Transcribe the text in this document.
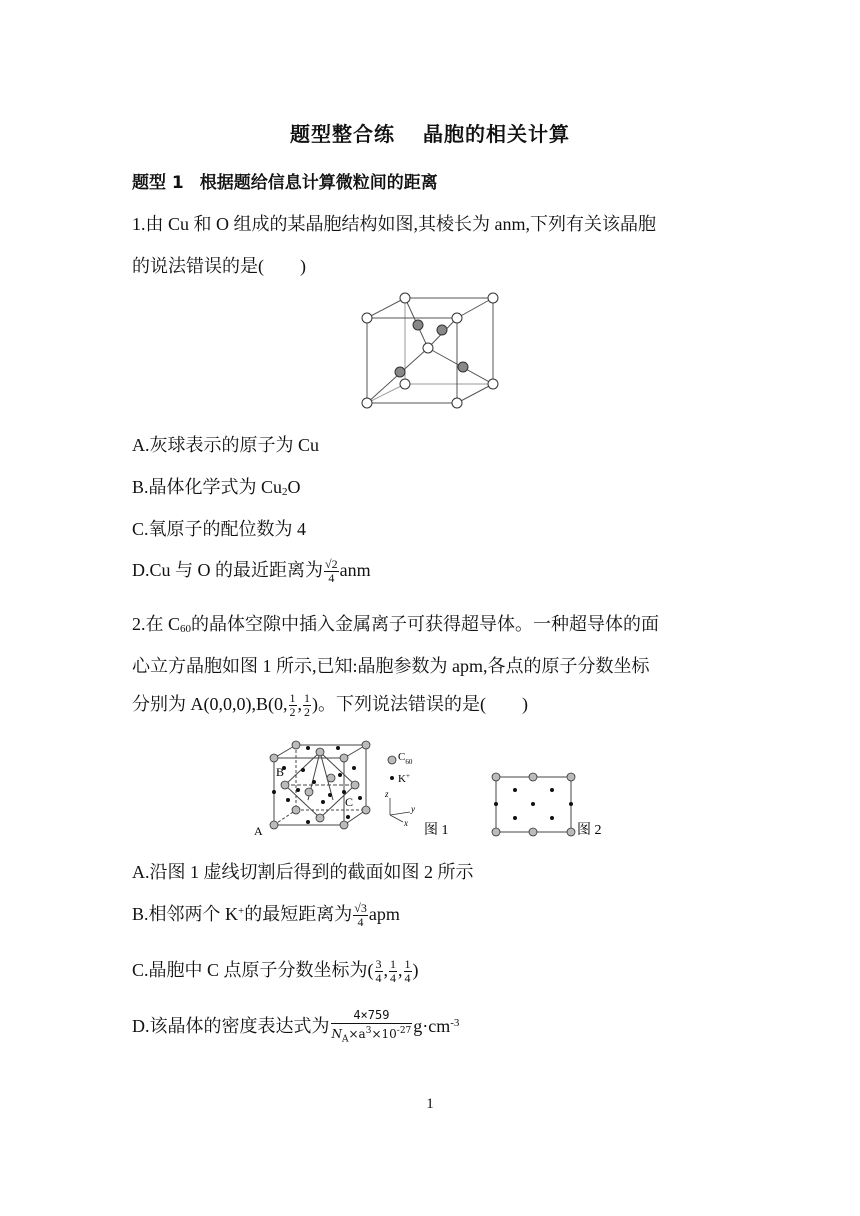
题型整合练 晶胞的相关计算
题型 1 根据题给信息计算微粒间的距离
1.由 Cu 和 O 组成的某晶胞结构如图,其棱长为 anm,下列有关该晶胞
的说法错误的是(　　)
A.灰球表示的原子为 Cu
B.晶体化学式为 $Cu_2O$
C.氧原子的配位数为 4
D.Cu 与 O 的最近距离为 $\frac{√2}{4}$ anm
2.在 $C_{60}$的晶体空隙中插入金属离子可获得超导体。一种超导体的面
心立方晶胞如图 1 所示,已知:晶胞参数为 apm,各点的原子分数坐标
分别为 A(0,0,0),B(0, $\frac{1}{2}$ , $\frac{1}{2}$ )。下列说法错误的是(　　)
B
C
A
$C_{60}$
K+
z
y
x 图 1	图 2
A.沿图 1 虚线切割后得到的截面如图 2 所示
B.相邻两个 K+的最短距离为 $\frac{√3}{4}$ apm
C.晶胞中 C 点原子分数坐标为( $\frac{3}{4}$ , $\frac{1}{4}$ , $\frac{1}{4}$ )
D.该晶体的密度表达式为 $\frac{4\times 759}{N_A\times a^3\times 10^{-27}} g\cdot cm^{-3}$
1
